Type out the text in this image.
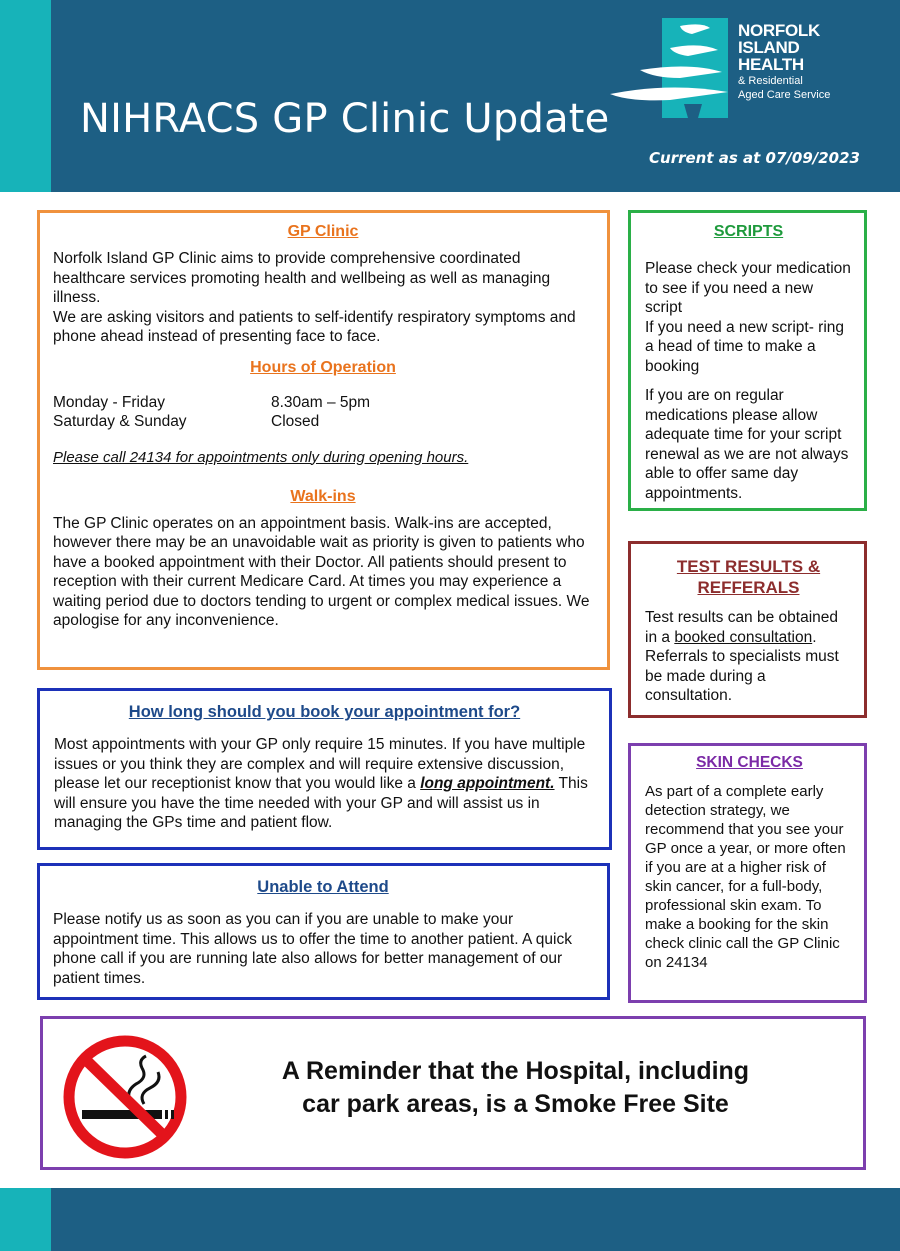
NORFOLK
ISLAND
HEALTH
& Residential
Aged Care Service
NIHRACS GP Clinic Update
Current as at 07/09/2023
GP Clinic

Norfolk Island GP Clinic aims to provide comprehensive coordinated healthcare services promoting health and wellbeing as well as managing illness.

We are asking visitors and patients to self-identify respiratory symptoms and phone ahead instead of presenting face to face.

Hours of Operation
Monday - Friday	8.30am – 5pm
Saturday & Sunday	Closed
Please call 24134 for appointments only during opening hours.
Walk-ins

The GP Clinic operates on an appointment basis. Walk-ins are accepted, however there may be an unavoidable wait as priority is given to patients who have a booked appointment with their Doctor. All patients should present to reception with their current Medicare Card. At times you may experience a waiting period due to doctors tending to urgent or complex medical issues. We apologise for any inconvenience.

SCRIPTS

Please check your medication to see if you need a new script

If you need a new script- ring a head of time to make a booking

If you are on regular medications please allow adequate time for your script renewal as we are not always able to offer same day appointments.

TEST RESULTS & REFFERALS

Test results can be obtained in a booked consultation. Referrals to specialists must be made during a consultation.

SKIN CHECKS

As part of a complete early detection strategy, we recommend that you see your GP once a year, or more often if you are at a higher risk of skin cancer, for a full-body, professional skin exam. To make a booking for the skin check clinic call the GP Clinic on 24134

How long should you book your appointment for?

Most appointments with your GP only require 15 minutes. If you have multiple issues or you think they are complex and will require extensive discussion, please let our receptionist know that you would like a long appointment. This will ensure you have the time needed with your GP and will assist us in managing the GPs time and patient flow.

Unable to Attend

Please notify us as soon as you can if you are unable to make your appointment time. This allows us to offer the time to another patient. A quick phone call if you are running late also allows for better management of our patient times.

A Reminder that the Hospital, including
car park areas, is a Smoke Free Site
